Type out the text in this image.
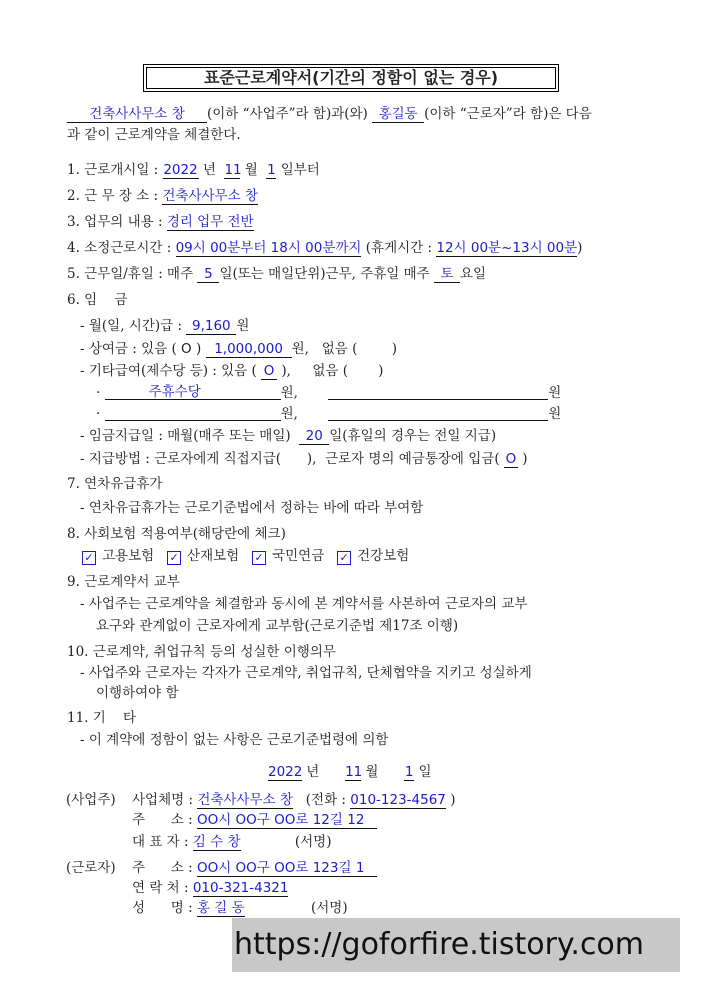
표준근로계약서(기간의 정함이 없는 경우)
건축사사무소 창 (이하 “사업주”라 함)과(와) 홍길동 (이하 “근로자”라 함)은 다음
과 같이 근로계약을 체결한다.
1. 근로개시일 : 2022 년 11 월 1 일부터
2. 근 무 장 소 : 건축사사무소 창
3. 업무의 내용 : 경리 업무 전반
4. 소정근로시간 : 09시 00분부터 18시 00분까지 (휴게시간 : 12시 00분~13시 00분)
5. 근무일/휴일 : 매주 5 일(또는 매일단위)근무, 주휴일 매주 토 요일
6. 임    금
- 월(일, 시간)급 : 9,160 원
- 상여금 : 있음 ( O ) 1,000,000 원,   없음 (        )
- 기타급여(제수당 등) : 있음 ( O ),     없음 (       )
·	주휴수당	원,	원
·	원,	원
- 임금지급일 : 매월(매주 또는 매일) 20 일(휴일의 경우는 전일 지급)
- 지급방법 : 근로자에게 직접지급(      ),  근로자 명의 예금통장에 입금( O )
7. 연차유급휴가
- 연차유급휴가는 근로기준법에서 정하는 바에 따라 부여함
8. 사회보험 적용여부(해당란에 체크)
✓ 고용보험 ✓ 산재보험 ✓ 국민연금 ✓ 건강보험
9. 근로계약서 교부
- 사업주는 근로계약을 체결함과 동시에 본 계약서를 사본하여 근로자의 교부
요구와 관계없이 근로자에게 교부함(근로기준법 제17조 이행)
10. 근로계약, 취업규칙 등의 성실한 이행의무
- 사업주와 근로자는 각자가 근로계약, 취업규칙, 단체협약을 지키고 성실하게
이행하여야 함
11. 기    타
- 이 계약에 정함이 없는 사항은 근로기준법령에 의함
2022 년 11 월 1 일
(사업주) 사업체명 : 건축사사무소 창 (전화 : 010-123-4567 )
주      소 : OO시 OO구 OO로 12길 12
대 표 자 : 김 수 창	(서명)
(근로자) 주      소 : OO시 OO구 OO로 123길 1
연 락 처 : 010-321-4321
성      명 : 홍 길 동	(서명)
https://goforfire.tistory.com
